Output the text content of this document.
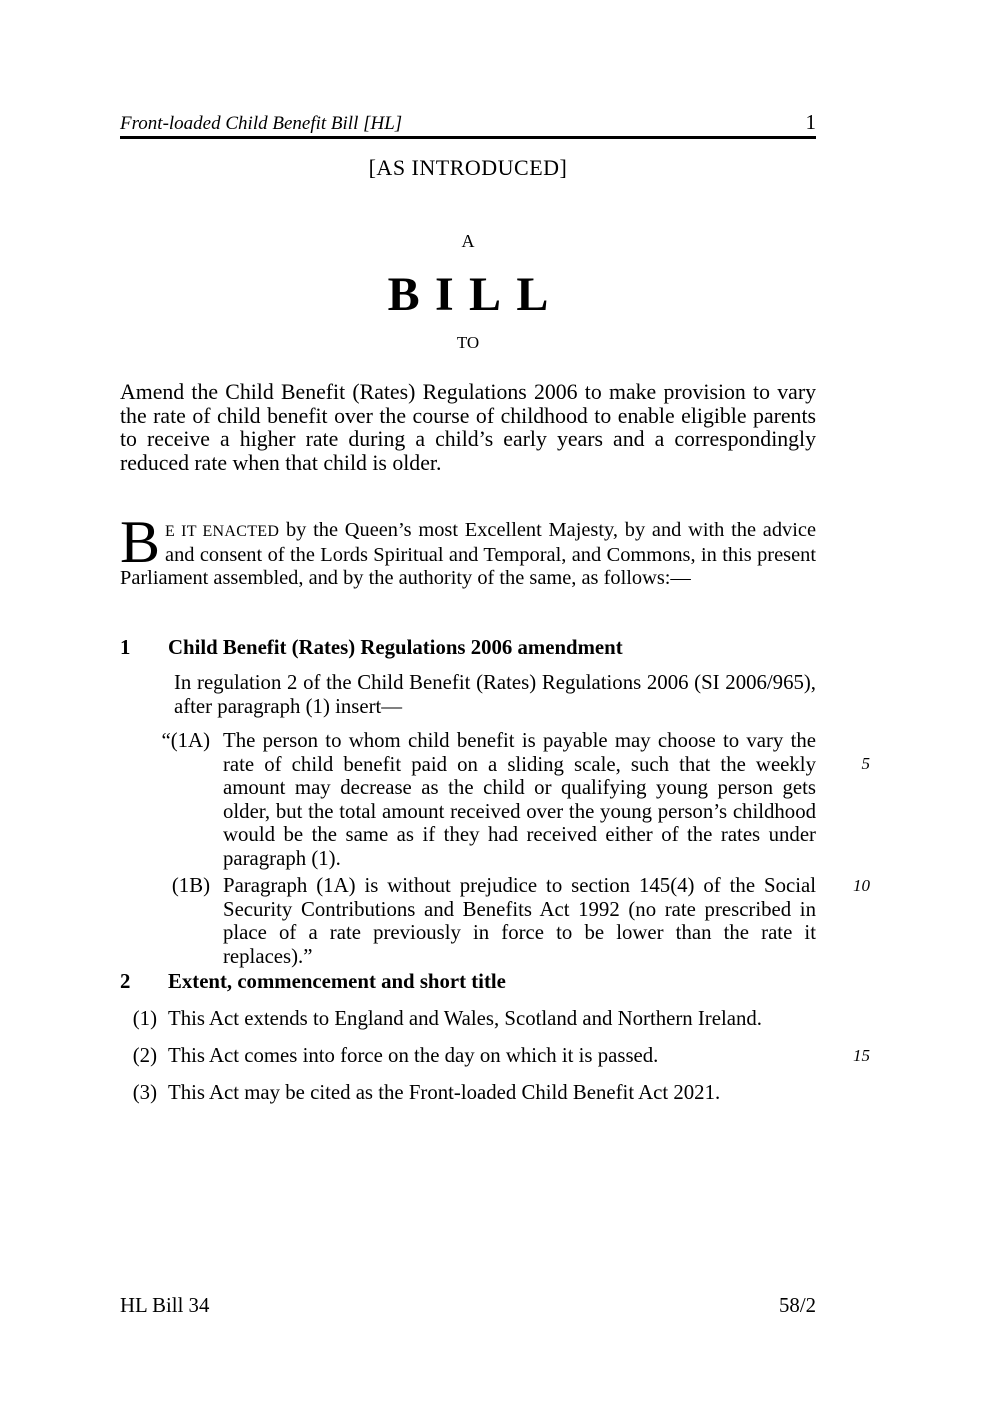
Front-loaded Child Benefit Bill [HL]	1
[AS INTRODUCED]
A
BILL
TO

Amend the Child Benefit (Rates) Regulations 2006 to make provision to vary the rate of child benefit over the course of childhood to enable eligible parents to receive a higher rate during a child’s early years and a correspondingly reduced rate when that child is older.

B E IT ENACTED by the Queen’s most Excellent Majesty, by and with the advice and consent of the Lords Spiritual and Temporal, and Commons, in this present Parliament assembled, and by the authority of the same, as follows:—

1	Child Benefit (Rates) Regulations 2006 amendment

In regulation 2 of the Child Benefit (Rates) Regulations 2006 (SI 2006/965), after paragraph (1) insert—

“(1A) The person to whom child benefit is payable may choose to vary the rate of child benefit paid on a sliding scale, such that the weekly amount may decrease as the child or qualifying young person gets older, but the total amount received over the young person’s childhood would be the same as if they had received either of the rates under paragraph (1).
(1B) Paragraph (1A) is without prejudice to section 145(4) of the Social Security Contributions and Benefits Act 1992 (no rate prescribed in place of a rate previously in force to be lower than the rate it replaces).”
2	Extent, commencement and short title
(1) This Act extends to England and Wales, Scotland and Northern Ireland.
(2) This Act comes into force on the day on which it is passed.
(3) This Act may be cited as the Front-loaded Child Benefit Act 2021.
5
10
15
HL Bill 34	58/2
